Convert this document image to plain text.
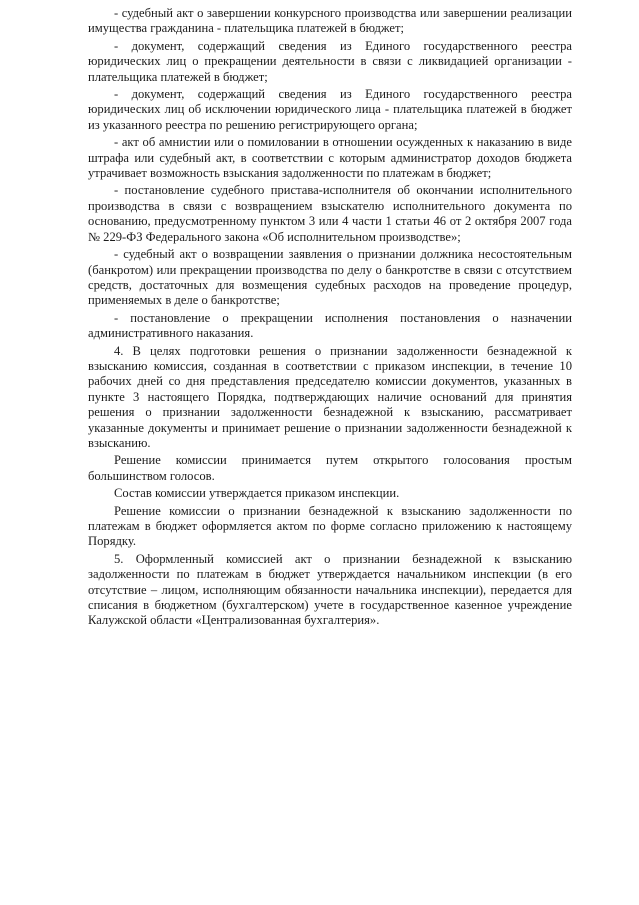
- судебный акт о завершении конкурсного производства или завершении реализации имущества гражданина - плательщика платежей в бюджет;

- документ, содержащий сведения из Единого государственного реестра юридических лиц о прекращении деятельности в связи с ликвидацией организации - плательщика платежей в бюджет;

- документ, содержащий сведения из Единого государственного реестра юридических лиц об исключении юридического лица - плательщика платежей в бюджет из указанного реестра по решению регистрирующего органа;

- акт об амнистии или о помиловании в отношении осужденных к наказанию в виде штрафа или судебный акт, в соответствии с которым администратор доходов бюджета утрачивает возможность взыскания задолженности по платежам в бюджет;

- постановление судебного пристава-исполнителя об окончании исполнительного производства в связи с возвращением взыскателю исполнительного документа по основанию, предусмотренному пунктом 3 или 4 части 1 статьи 46 от 2 октября 2007 года № 229-ФЗ Федерального закона «Об исполнительном производстве»;

- судебный акт о возвращении заявления о признании должника несостоятельным (банкротом) или прекращении производства по делу о банкротстве в связи с отсутствием средств, достаточных для возмещения судебных расходов на проведение процедур, применяемых в деле о банкротстве;

- постановление о прекращении исполнения постановления о назначении административного наказания.

4. В целях подготовки решения о признании задолженности безнадежной к взысканию комиссия, созданная в соответствии с приказом инспекции, в течение 10 рабочих дней со дня представления председателю комиссии документов, указанных в пункте 3 настоящего Порядка, подтверждающих наличие оснований для принятия решения о признании задолженности безнадежной к взысканию, рассматривает указанные документы и принимает решение о признании задолженности безнадежной к взысканию.

Решение комиссии принимается путем открытого голосования простым большинством голосов.

Состав комиссии утверждается приказом инспекции.

Решение комиссии о признании безнадежной к взысканию задолженности по платежам в бюджет оформляется актом по форме согласно приложению к настоящему Порядку.

5. Оформленный комиссией акт о признании безнадежной к взысканию задолженности по платежам в бюджет утверждается начальником инспекции (в его отсутствие – лицом, исполняющим обязанности начальника инспекции), передается для списания в бюджетном (бухгалтерском) учете в государственное казенное учреждение Калужской области «Централизованная бухгалтерия».
